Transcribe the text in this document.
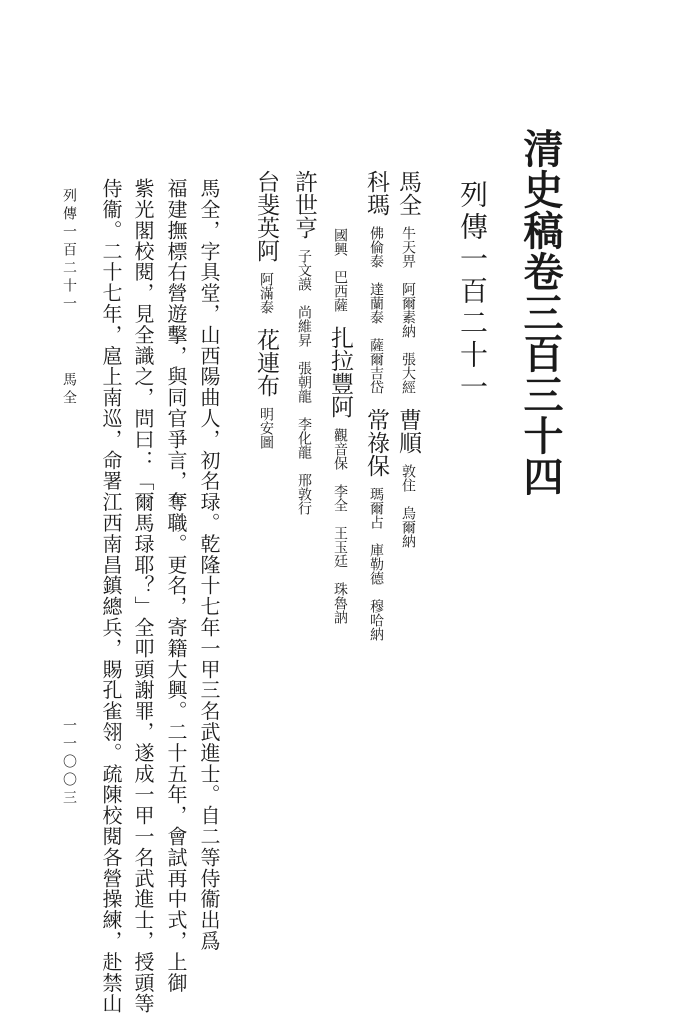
清史稿卷三百三十四
列傳一百二十一
馬全牛天畀阿爾素納張大經曹順敦住烏爾納
科瑪佛倫泰達蘭泰薩爾吉岱常祿保瑪爾占庫勒德穆哈納
國興巴西薩扎拉豐阿觀音保李全王玉廷珠魯訥
許世亨子文謨尚維昇張朝龍李化龍邢敦行
台斐英阿阿滿泰花連布明安圖
馬全，字具堂，山西陽曲人，初名琭。乾隆十七年一甲三名武進士。自二等侍衞出爲
福建撫標右營遊擊，與同官爭言，奪職。更名，寄籍大興。二十五年，會試再中式，上御
紫光閣校閱，見全識之，問曰：「爾馬琭耶？」全叩頭謝罪，遂成一甲一名武進士，授頭等
侍衞。二十七年，扈上南巡，命署江西南昌鎮總兵，賜孔雀翎。疏陳校閱各營操練，赴禁山
列傳一百二十一
馬全
一一〇〇三
